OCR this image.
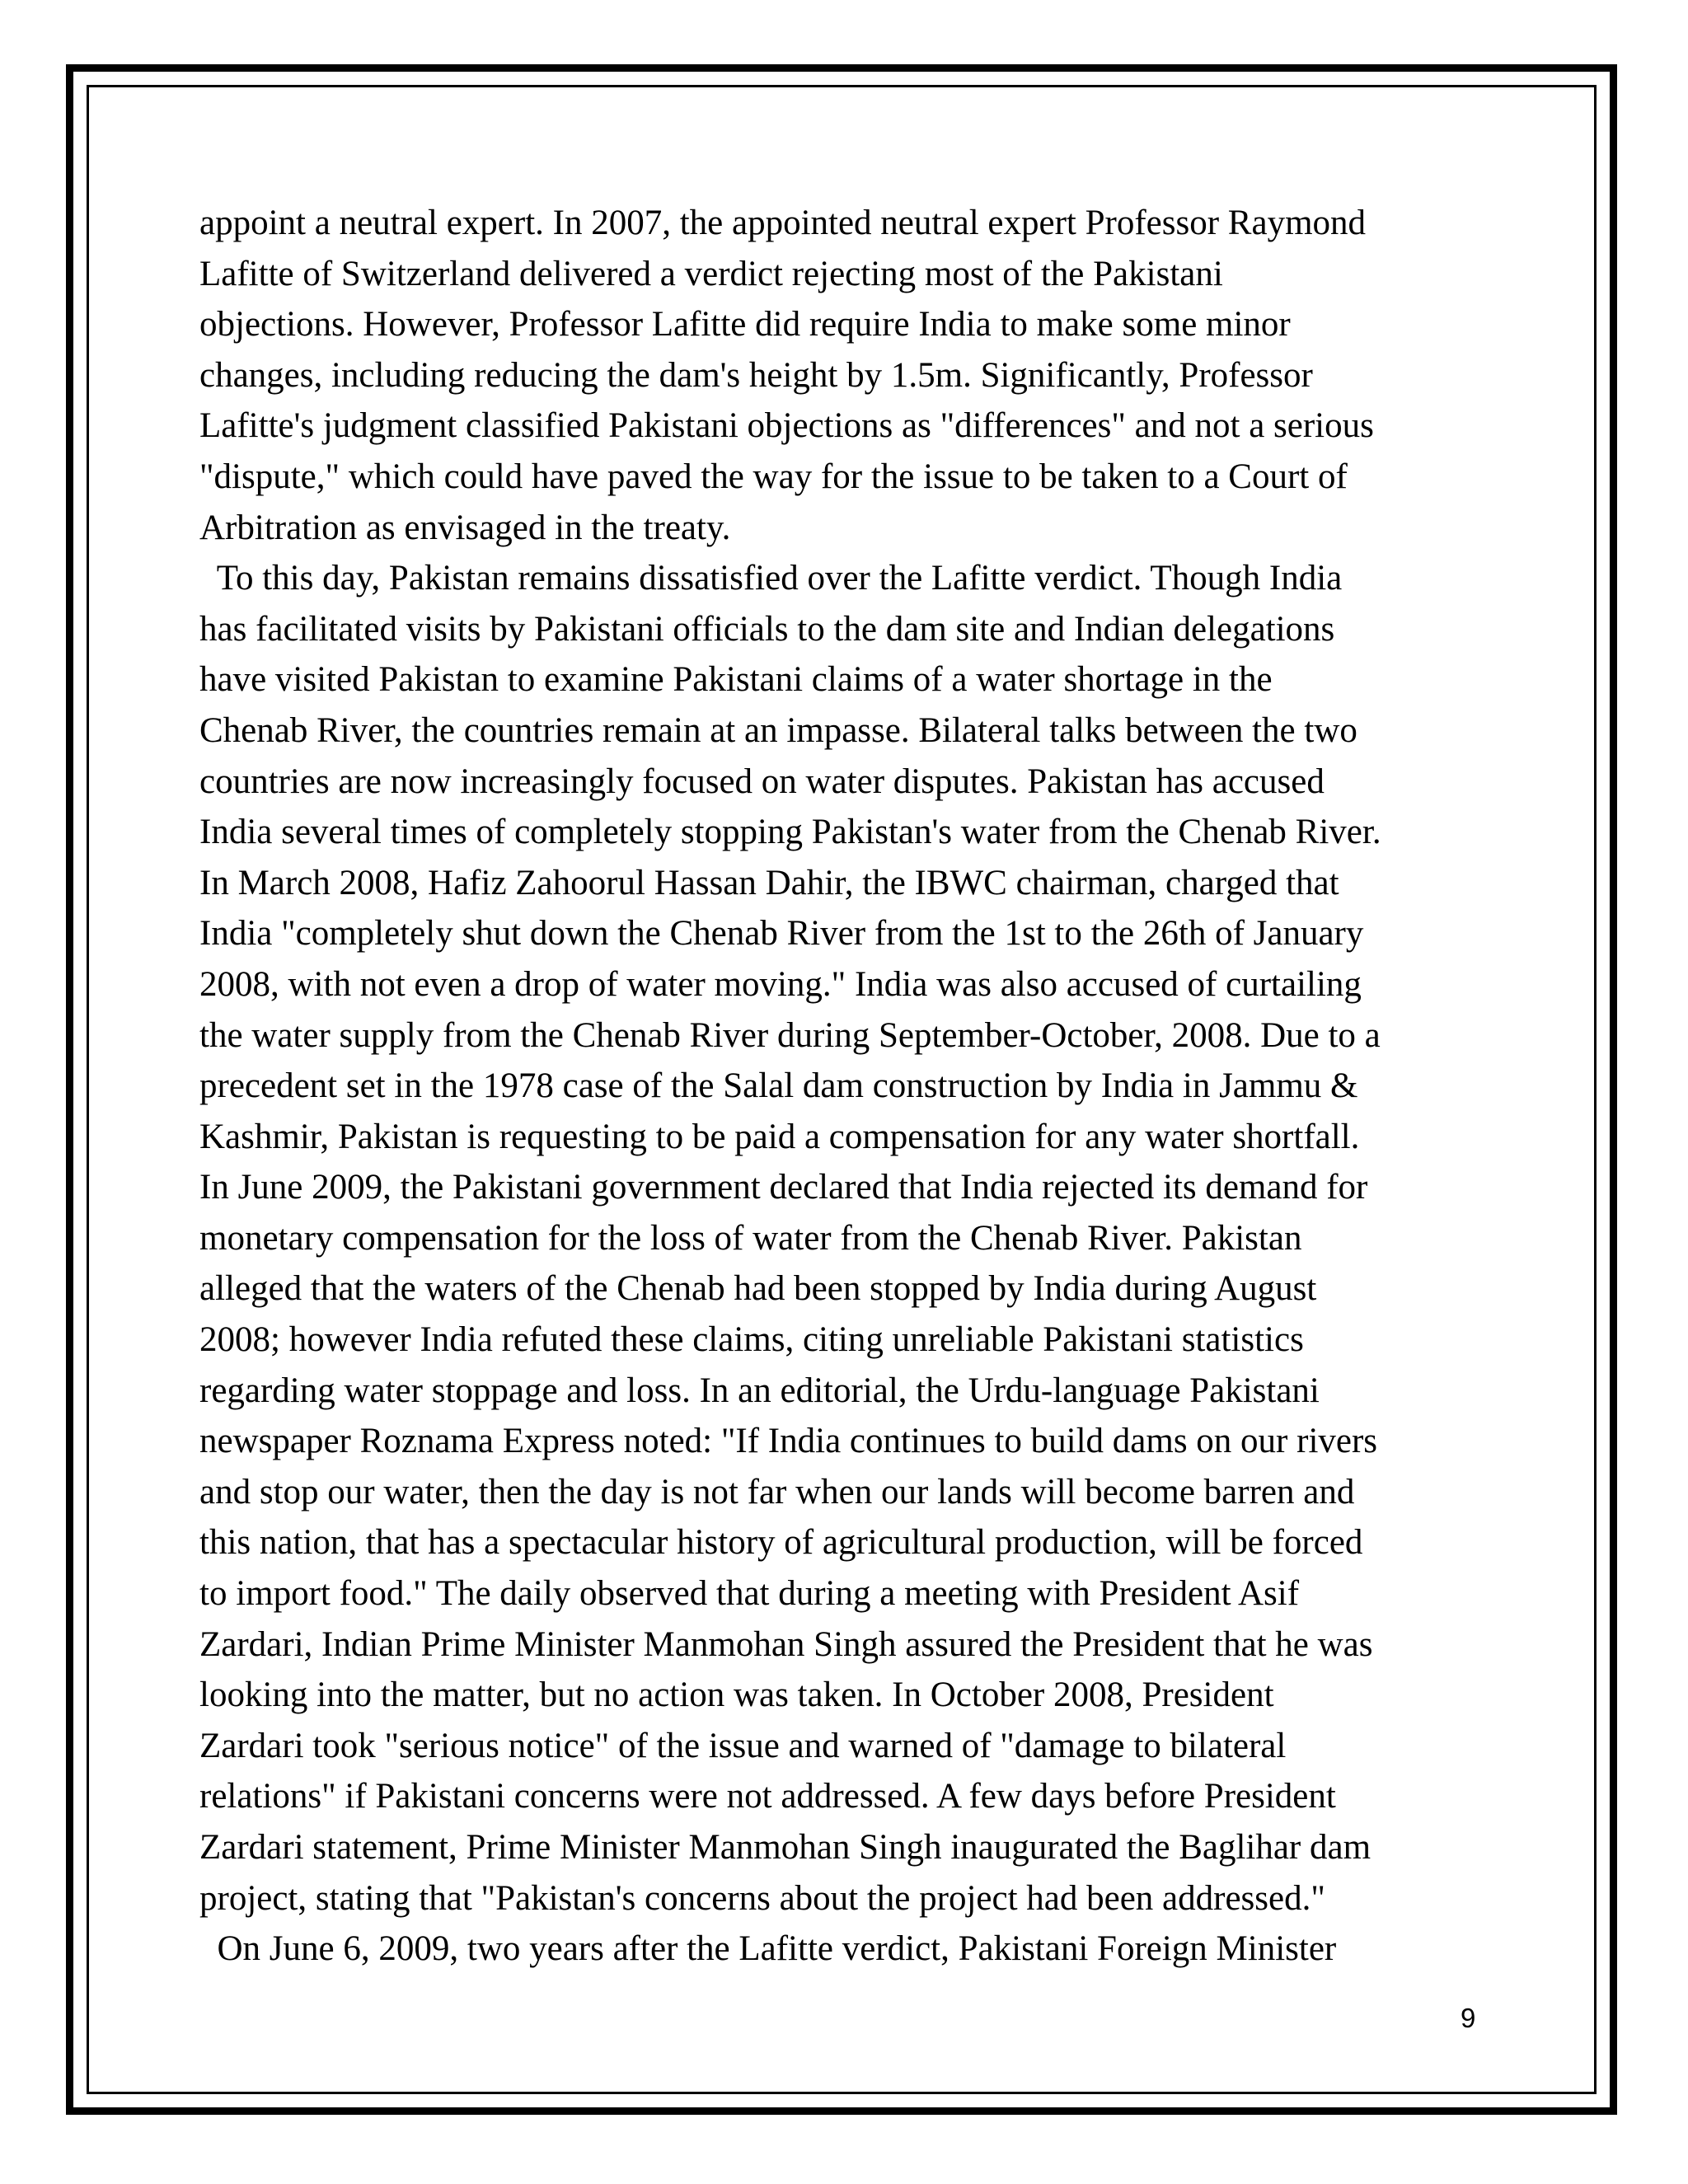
appoint a neutral expert. In 2007, the appointed neutral expert Professor Raymond
Lafitte of Switzerland delivered a verdict rejecting most of the Pakistani
objections. However, Professor Lafitte did require India to make some minor
changes, including reducing the dam's height by 1.5m. Significantly, Professor
Lafitte's judgment classified Pakistani objections as "differences" and not a serious
"dispute," which could have paved the way for the issue to be taken to a Court of
Arbitration as envisaged in the treaty.
To this day, Pakistan remains dissatisfied over the Lafitte verdict. Though India
has facilitated visits by Pakistani officials to the dam site and Indian delegations
have visited Pakistan to examine Pakistani claims of a water shortage in the
Chenab River, the countries remain at an impasse. Bilateral talks between the two
countries are now increasingly focused on water disputes. Pakistan has accused
India several times of completely stopping Pakistan's water from the Chenab River.
In March 2008, Hafiz Zahoorul Hassan Dahir, the IBWC chairman, charged that
India "completely shut down the Chenab River from the 1st to the 26th of January
2008, with not even a drop of water moving." India was also accused of curtailing
the water supply from the Chenab River during September-October, 2008. Due to a
precedent set in the 1978 case of the Salal dam construction by India in Jammu &
Kashmir, Pakistan is requesting to be paid a compensation for any water shortfall.
In June 2009, the Pakistani government declared that India rejected its demand for
monetary compensation for the loss of water from the Chenab River. Pakistan
alleged that the waters of the Chenab had been stopped by India during August
2008; however India refuted these claims, citing unreliable Pakistani statistics
regarding water stoppage and loss. In an editorial, the Urdu-language Pakistani
newspaper Roznama Express noted: "If India continues to build dams on our rivers
and stop our water, then the day is not far when our lands will become barren and
this nation, that has a spectacular history of agricultural production, will be forced
to import food." The daily observed that during a meeting with President Asif
Zardari, Indian Prime Minister Manmohan Singh assured the President that he was
looking into the matter, but no action was taken. In October 2008, President
Zardari took "serious notice" of the issue and warned of "damage to bilateral
relations" if Pakistani concerns were not addressed. A few days before President
Zardari statement, Prime Minister Manmohan Singh inaugurated the Baglihar dam
project, stating that "Pakistan's concerns about the project had been addressed."
On June 6, 2009, two years after the Lafitte verdict, Pakistani Foreign Minister
9
